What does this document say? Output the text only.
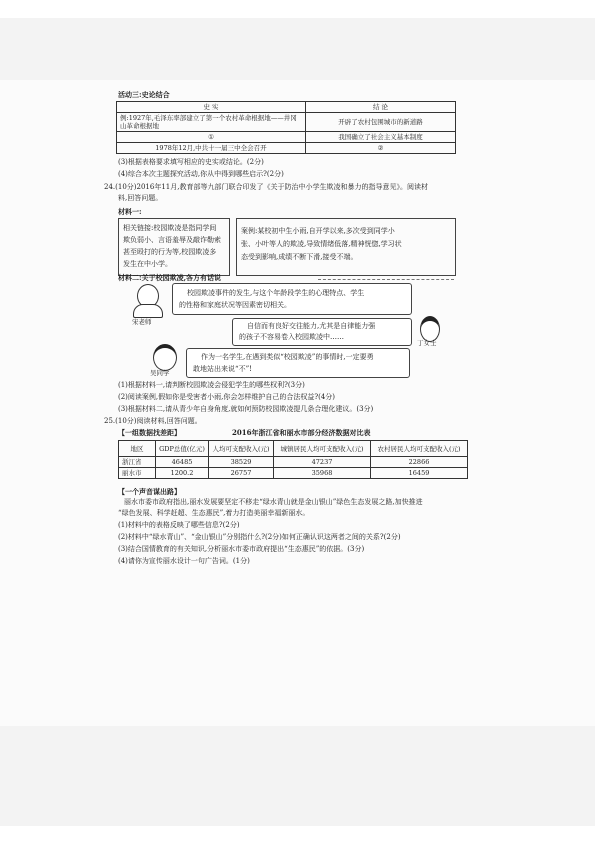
活动三:史论结合
史 实	结 论
例:1927年,毛泽东率部建立了第一个农村革命根据地——井冈山革命根据地	开辟了农村包围城市的新道路
①	我国确立了社会主义基本制度
1978年12月,中共十一届三中全会召开	②
(3)根据表格要求填写相应的史实或结论。(2分)
(4)综合本次主题探究活动,你从中得到哪些启示?(2分)
24.(10分)2016年11月,教育部等九部门联合印发了《关于防治中小学生欺凌和暴力的指导意见》。阅读材
料,回答问题。
材料一:
相关链接:校园欺凌是指同学间
欺负弱小、言语羞辱及敲诈勒索
甚至殴打的行为等,校园欺凌多
发生在中小学。
案例:某校初中生小雨,自开学以来,多次受到同学小
张、小叶等人的欺凌,导致情绪低落,精神恍惚,学习状
态受到影响,成绩不断下滑,接受不端。
材料二:关于校园欺凌,各方有话说
宋老师
校园欺凌事件的发生,与这个年龄段学生的心理特点、学生
的性格和家庭状况等因素密切相关。
自信而有良好交往能力,尤其是自律能力强
的孩子不容易卷入校园欺凌中……
丁女士
吴同学
作为一名学生,在遇到类似“校园欺凌”的事情时,一定要勇
敢地站出来说“不”!
(1)根据材料一,请判断校园欺凌会侵犯学生的哪些权利?(3分)
(2)阅读案例,假如你是受害者小雨,你会怎样维护自己的合法权益?(4分)
(3)根据材料二,请从青少年自身角度,就如何预防校园欺凌提几条合理化建议。(3分)
25.(10分)阅读材料,回答问题。
【一组数据找差距】	2016年浙江省和丽水市部分经济数据对比表
地区	GDP总值(亿元)	人均可支配收入(元)	城镇居民人均可支配收入(元)	农村居民人均可支配收入(元)
浙江省	46485	38529	47237	22866
丽水市	1200.2	26757	35968	16459
【一个声音谋出路】
丽水市委市政府指出,丽水发展要坚定不移走“绿水青山就是金山银山”绿色生态发展之路,加快推进
“绿色发展、科学赶超、生态惠民”,着力打造美丽幸福新丽水。
(1)材料中的表格反映了哪些信息?(2分)
(2)材料中“绿水青山”、“金山银山”分别指什么?(2分)如何正确认识这两者之间的关系?(2分)
(3)结合国情教育的有关知识,分析丽水市委市政府提出“生态惠民”的依据。(3分)
(4)请你为宣传丽水设计一句广告词。(1分)
